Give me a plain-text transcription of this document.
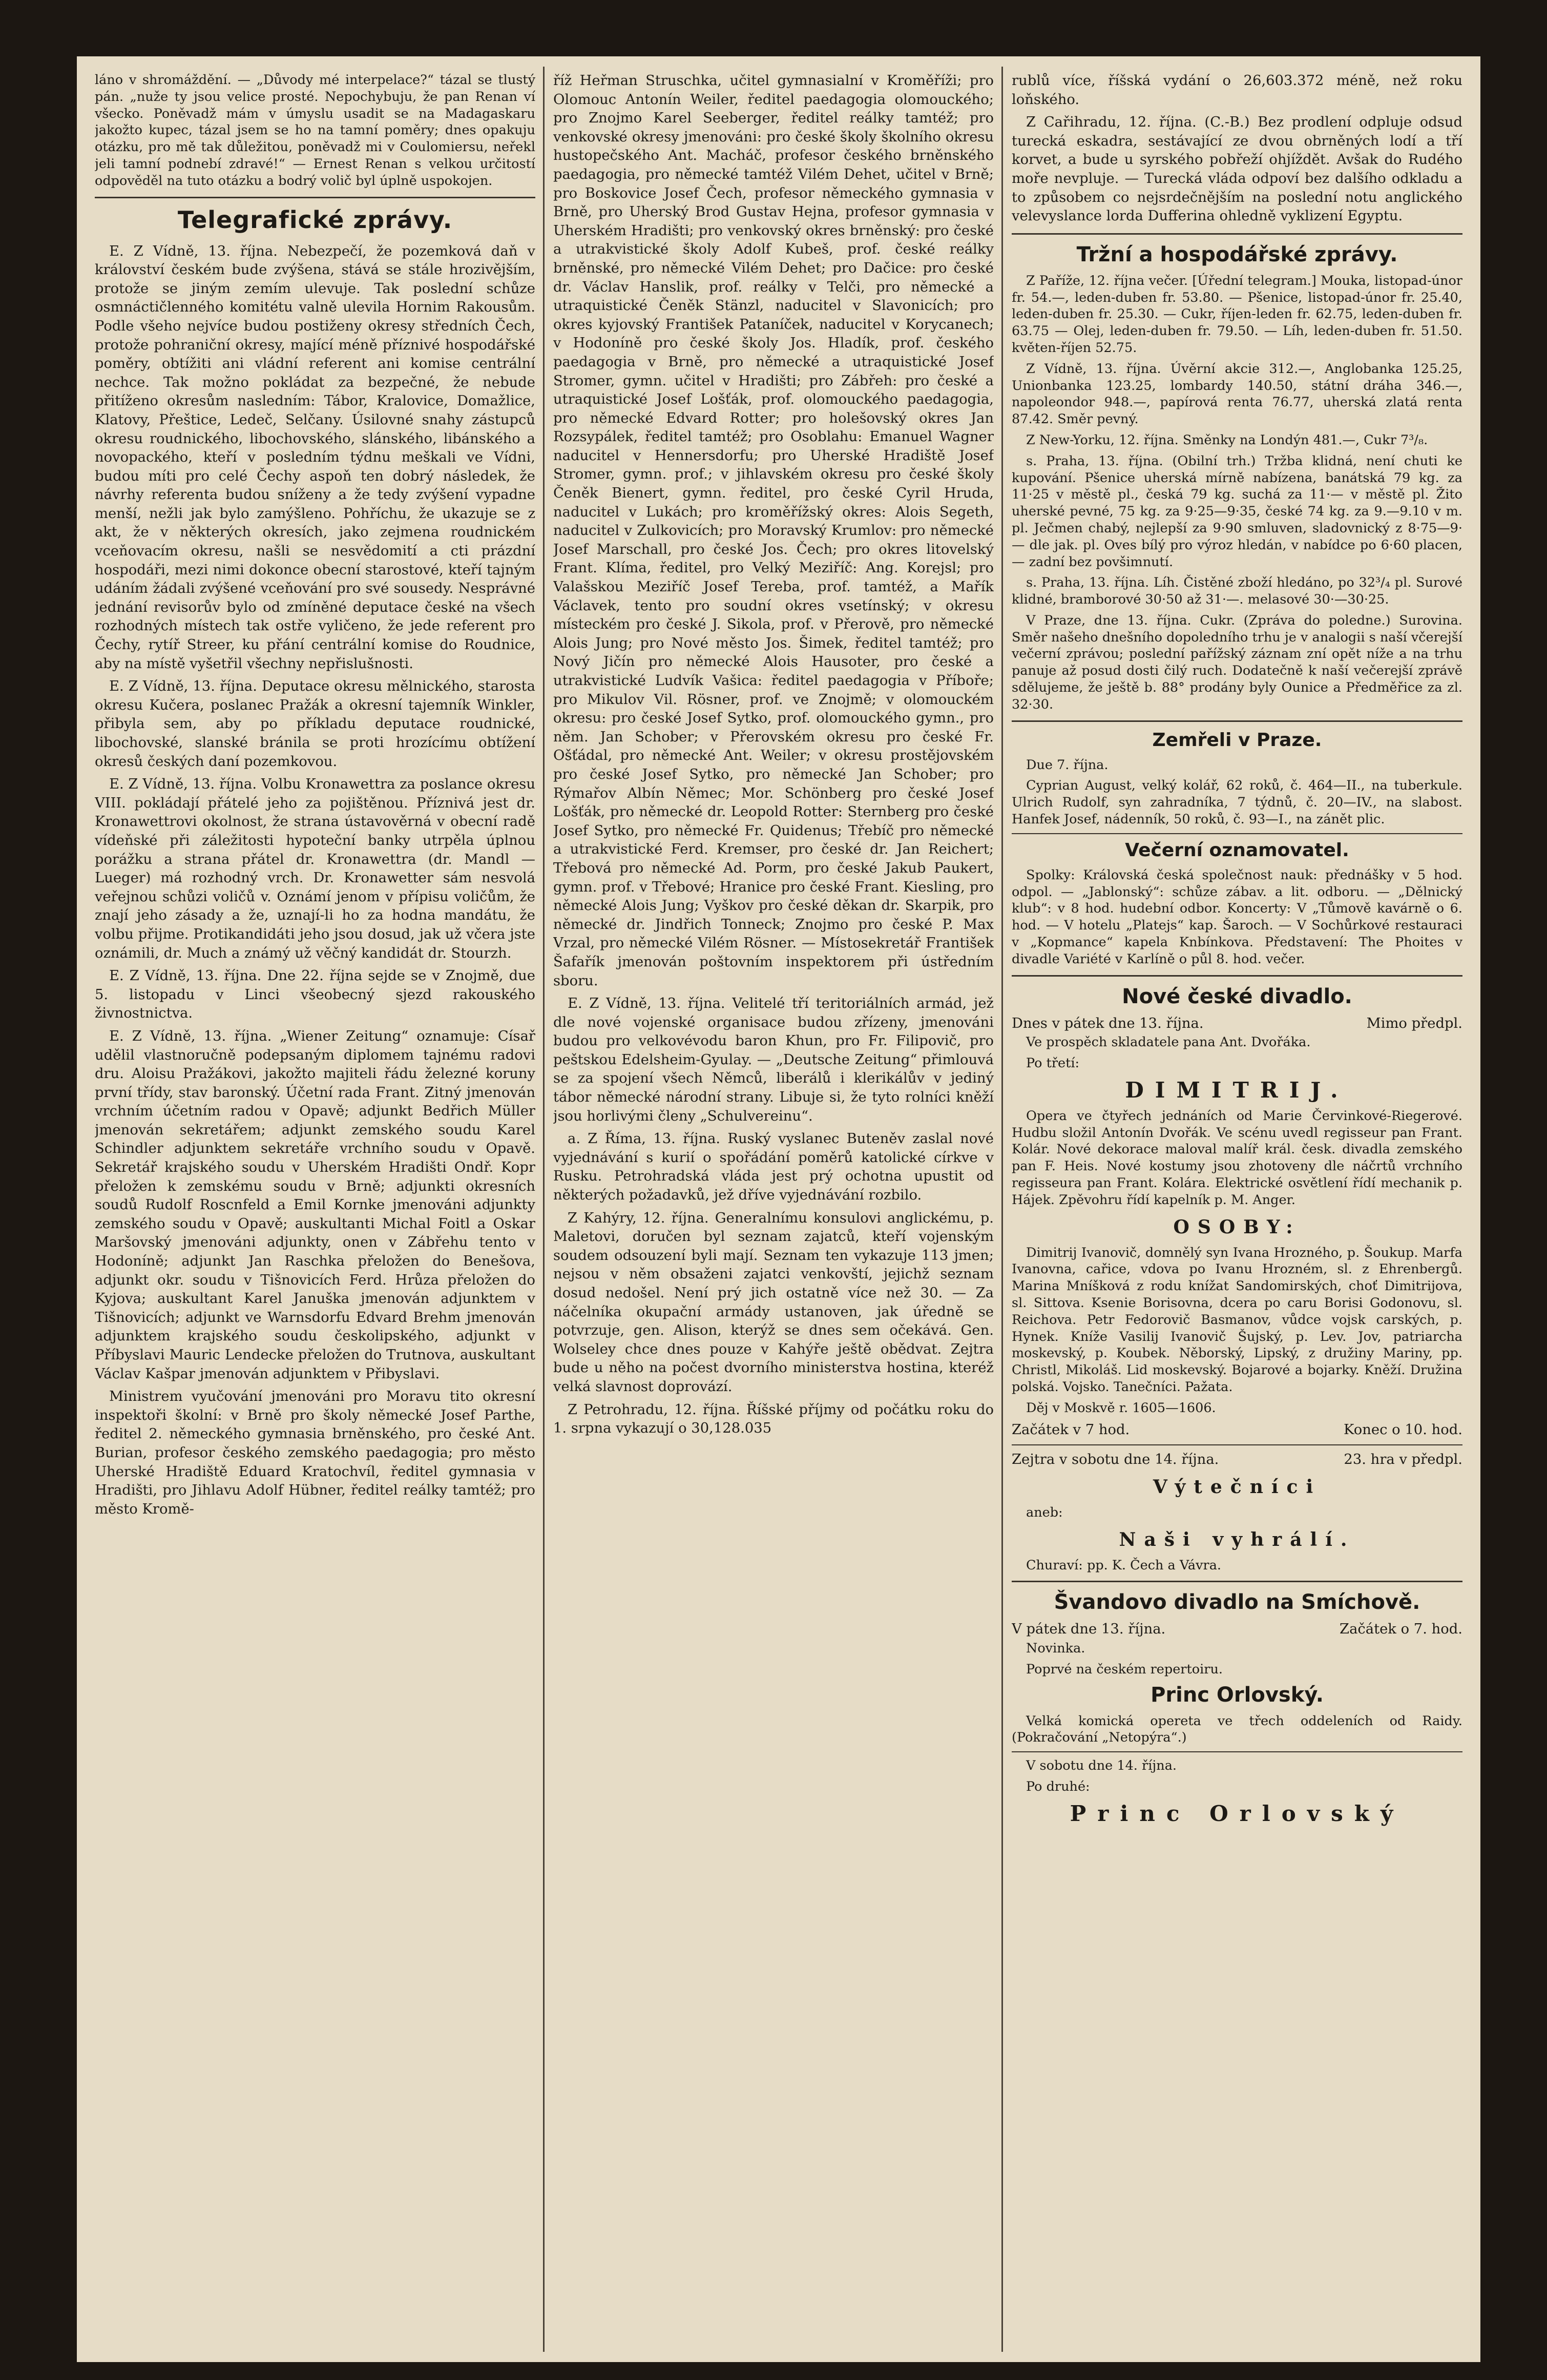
láno v shromáždění. — „Důvody mé interpelace?“ tázal se tlustý pán. „nuže ty jsou velice prosté. Nepochybuju, že pan Renan ví všecko. Poněvadž mám v úmyslu usadit se na Madagaskaru jakožto kupec, tázal jsem se ho na tamní poměry; dnes opakuju otázku, pro mě tak důležitou, poněvadž mi v Coulomiersu, neřekl jeli tamní podnebí zdravé!“ — Ernest Renan s velkou určitostí odpověděl na tuto otázku a bodrý volič byl úplně uspokojen.

Telegrafické zprávy.

E. Z Vídně, 13. října. Nebezpečí, že pozemková daň v království českém bude zvýšena, stává se stále hrozivějším, protože se jiným zemím ulevuje. Tak poslední schůze osmnáctičlenného komitétu valně ulevila Hornim Rakousům. Podle všeho nejvíce budou postiženy okresy středních Čech, protože pohraniční okresy, mající méně příznivé hospodářské poměry, obtížiti ani vládní referent ani komise centrální nechce. Tak možno pokládat za bezpečné, že nebude přitíženo okresům nasledním: Tábor, Kralovice, Domažlice, Klatovy, Přeštice, Ledeč, Selčany. Úsilovné snahy zástupců okresu roudnického, libochovského, slánského, libánského a novopackého, kteří v posledním týdnu meškali ve Vídni, budou míti pro celé Čechy aspoň ten dobrý následek, že návrhy referenta budou sníženy a že tedy zvýšení vypadne menší, nežli jak bylo zamýšleno. Pohříchu, že ukazuje se z akt, že v některých okresích, jako zejmena roudnickém vceňovacím okresu, našli se nesvědomití a cti prázdní hospodáři, mezi nimi dokonce obecní starostové, kteří tajným udáním žádali zvýšené vceňování pro své sousedy. Nesprávné jednání revisorův bylo od zmíněné deputace české na všech rozhodných místech tak ostře vyličeno, že jede referent pro Čechy, rytíř Streer, ku přání centrální komise do Roudnice, aby na místě vyšetřil všechny nepřislušnosti.

E. Z Vídně, 13. října. Deputace okresu mělnického, starosta okresu Kučera, poslanec Pražák a okresní tajemník Winkler, přibyla sem, aby po příkladu deputace roudnické, libochovské, slanské bránila se proti hrozícímu obtížení okresů českých daní pozemkovou.

E. Z Vídně, 13. října. Volbu Kronawettra za poslance okresu VIII. pokládají přátelé jeho za pojištěnou. Příznivá jest dr. Kronawettrovi okolnost, že strana ústavověrná v obecní radě vídeňské při záležitosti hypoteční banky utrpěla úplnou porážku a strana přátel dr. Kronawettra (dr. Mandl — Lueger) má rozhodný vrch. Dr. Kronawetter sám nesvolá veřejnou schůzi voličů v. Oznámí jenom v přípisu voličům, že znají jeho zásady a že, uznají-li ho za hodna mandátu, že volbu přijme. Protikandidáti jeho jsou dosud, jak už včera jste oznámili, dr. Much a známý už věčný kandidát dr. Stourzh.

E. Z Vídně, 13. října. Dne 22. října sejde se v Znojmě, due 5. listopadu v Linci všeobecný sjezd rakouského živnostnictva.

E. Z Vídně, 13. října. „Wiener Zeitung“ oznamuje: Císař udělil vlastnoručně podepsaným diplomem tajnému radovi dru. Aloisu Pražákovi, jakožto majiteli řádu železné koruny první třídy, stav baronský. Účetní rada Frant. Zitný jmenován vrchním účetním radou v Opavě; adjunkt Bedřich Müller jmenován sekretářem; adjunkt zemského soudu Karel Schindler adjunktem sekretáře vrchního soudu v Opavě. Sekretář krajského soudu v Uherském Hradišti Ondř. Kopr přeložen k zemskému soudu v Brně; adjunkti okresních soudů Rudolf Roscnfeld a Emil Kornke jmenováni adjunkty zemského soudu v Opavě; auskultanti Michal Foitl a Oskar Maršovský jmenováni adjunkty, onen v Zábřehu tento v Hodoníně; adjunkt Jan Raschka přeložen do Benešova, adjunkt okr. soudu v Tišnovicích Ferd. Hrůza přeložen do Kyjova; auskultant Karel Januška jmenován adjunktem v Tišnovicích; adjunkt ve Warnsdorfu Edvard Brehm jmenován adjunktem krajského soudu českolipského, adjunkt v Příbyslavi Mauric Lendecke přeložen do Trutnova, auskultant Václav Kašpar jmenován adjunktem v Přibyslavi.

Ministrem vyučování jmenováni pro Moravu tito okresní inspektoři školní: v Brně pro školy německé Josef Parthe, ředitel 2. německého gymnasia brněnského, pro české Ant. Burian, profesor českého zemského paedagogia; pro město Uherské Hradiště Eduard Kratochvíl, ředitel gymnasia v Hradišti, pro Jihlavu Adolf Hübner, ředitel reálky tamtéž; pro město Kromě-

říž Heřman Struschka, učitel gymnasialní v Kroměříži; pro Olomouc Antonín Weiler, ředitel paedagogia olomouckého; pro Znojmo Karel Seeberger, ředitel reálky tamtéž; pro venkovské okresy jmenováni: pro české školy školního okresu hustopečského Ant. Macháč, profesor českého brněnského paedagogia, pro německé tamtéž Vilém Dehet, učitel v Brně; pro Boskovice Josef Čech, profesor německého gymnasia v Brně, pro Uherský Brod Gustav Hejna, profesor gymnasia v Uherském Hradišti; pro venkovský okres brněnský: pro české a utrakvistické školy Adolf Kubeš, prof. české reálky brněnské, pro německé Vilém Dehet; pro Dačice: pro české dr. Václav Hanslik, prof. reálky v Telči, pro německé a utraquistické Čeněk Stänzl, naducitel v Slavonicích; pro okres kyjovský František Pataníček, naducitel v Korycanech; v Hodoníně pro české školy Jos. Hladík, prof. českého paedagogia v Brně, pro německé a utraquistické Josef Stromer, gymn. učitel v Hradišti; pro Zábřeh: pro české a utraquistické Josef Lošťák, prof. olomouckého paedagogia, pro německé Edvard Rotter; pro holešovský okres Jan Rozsypálek, ředitel tamtéž; pro Osoblahu: Emanuel Wagner naducitel v Hennersdorfu; pro Uherské Hradiště Josef Stromer, gymn. prof.; v jihlavském okresu pro české školy Čeněk Bienert, gymn. ředitel, pro české Cyril Hruda, naducitel v Lukách; pro kroměřížský okres: Alois Segeth, naducitel v Zulkovicích; pro Moravský Krumlov: pro německé Josef Marschall, pro české Jos. Čech; pro okres litovelský Frant. Klíma, ředitel, pro Velký Meziříč: Ang. Korejsl; pro Valašskou Meziříč Josef Tereba, prof. tamtéž, a Mařík Václavek, tento pro soudní okres vsetínský; v okresu místeckém pro české J. Sikola, prof. v Přerově, pro německé Alois Jung; pro Nové město Jos. Šimek, ředitel tamtéž; pro Nový Jičín pro německé Alois Hausoter, pro české a utrakvistické Ludvík Vašica: ředitel paedagogia v Příboře; pro Mikulov Vil. Rösner, prof. ve Znojmě; v olomouckém okresu: pro české Josef Sytko, prof. olomouckého gymn., pro něm. Jan Schober; v Přerovském okresu pro české Fr. Ošťádal, pro německé Ant. Weiler; v okresu prostějovském pro české Josef Sytko, pro německé Jan Schober; pro Rýmařov Albín Němec; Mor. Schönberg pro české Josef Lošťák, pro německé dr. Leopold Rotter: Sternberg pro české Josef Sytko, pro německé Fr. Quidenus; Třebíč pro německé a utrakvistické Ferd. Kremser, pro české dr. Jan Reichert; Třebová pro německé Ad. Porm, pro české Jakub Paukert, gymn. prof. v Třebové; Hranice pro české Frant. Kiesling, pro německé Alois Jung; Vyškov pro české děkan dr. Skarpik, pro německé dr. Jindřich Tonneck; Znojmo pro české P. Max Vrzal, pro německé Vilém Rösner. — Místosekretář František Šafařík jmenován poštovním inspektorem při ústředním sboru.

E. Z Vídně, 13. října. Velitelé tří teritoriálních armád, jež dle nové vojenské organisace budou zřízeny, jmenováni budou pro velkovévodu baron Khun, pro Fr. Filipovič, pro peštskou Edelsheim-Gyulay. — „Deutsche Zeitung“ přimlouvá se za spojení všech Němců, liberálů i klerikálův v jediný tábor německé národní strany. Libuje si, že tyto rolníci kněží jsou horlivými členy „Schulvereinu“.

a. Z Říma, 13. října. Ruský vyslanec Buteněv zaslal nové vyjednávání s kurií o spořádání poměrů katolické církve v Rusku. Petrohradská vláda jest prý ochotna upustit od některých požadavků, jež dříve vyjednávání rozbilo.

Z Kahýry, 12. října. Generalnímu konsulovi anglickému, p. Maletovi, doručen byl seznam zajatců, kteří vojenským soudem odsouzení byli mají. Seznam ten vykazuje 113 jmen; nejsou v něm obsaženi zajatci venkovští, jejichž seznam dosud nedošel. Není prý jich ostatně více než 30. — Za náčelníka okupační armády ustanoven, jak úředně se potvrzuje, gen. Alison, kterýž se dnes sem očekává. Gen. Wolseley chce dnes pouze v Kahýře ještě obědvat. Zejtra bude u něho na počest dvorního ministerstva hostina, kteréž velká slavnost doprovází.

Z Petrohradu, 12. října. Říšské příjmy od počátku roku do 1. srpna vykazují o 30,128.035

rublů více, říšská vydání o 26,603.372 méně, než roku loňského.

Z Cařihradu, 12. října. (C.-B.) Bez prodlení odpluje odsud turecká eskadra, sestávající ze dvou obrněných lodí a tří korvet, a bude u syrského pobřeží ohjíždět. Avšak do Rudého moře nevpluje. — Turecká vláda odpoví bez dalšího odkladu a to způsobem co nejsrdečnějším na poslední notu anglického velevyslance lorda Dufferina ohledně vyklizení Egyptu.

Tržní a hospodářské zprávy.

Z Paříže, 12. října večer. [Úřední telegram.] Mouka, listopad-únor fr. 54.—, leden-duben fr. 53.80. — Pšenice, listopad-únor fr. 25.40, leden-duben fr. 25.30. — Cukr, říjen-leden fr. 62.75, leden-duben fr. 63.75 — Olej, leden-duben fr. 79.50. — Líh, leden-duben fr. 51.50. květen-říjen 52.75.

Z Vídně, 13. října. Úvěrní akcie 312.—, Anglobanka 125.25, Unionbanka 123.25, lombardy 140.50, státní dráha 346.—, napoleondor 948.—, papírová renta 76.77, uherská zlatá renta 87.42. Směr pevný.

Z New-Yorku, 12. října. Směnky na Londýn 481.—, Cukr 7³/₈.

s. Praha, 13. října. (Obilní trh.) Tržba klidná, není chuti ke kupování. Pšenice uherská mírně nabízena, banátská 79 kg. za 11·25 v městě pl., česká 79 kg. suchá za 11·— v městě pl. Žito uherské pevné, 75 kg. za 9·25—9·35, české 74 kg. za 9.—9.10 v m. pl. Ječmen chabý, nejlepší za 9·90 smluven, sladovnický z 8·75—9·— dle jak. pl. Oves bílý pro výroz hledán, v nabídce po 6·60 placen, — zadní bez povšimnutí.

s. Praha, 13. října. Líh. Čistěné zboží hledáno, po 32³/₄ pl. Surové klidné, bramborové 30·50 až 31·—. melasové 30·—30·25.

V Praze, dne 13. října. Cukr. (Zpráva do poledne.) Surovina. Směr našeho dnešního dopoledního trhu je v analogii s naší včerejší večerní zprávou; poslední pařížský záznam zní opět níže a na trhu panuje až posud dosti čilý ruch. Dodatečně k naší večerejší zprávě sdělujeme, že ještě b. 88° prodány byly Ounice a Předměřice za zl. 32·30.

Zemřeli v Praze.

Due 7. října.

Cyprian August, velký kolář, 62 roků, č. 464—II., na tuberkule. Ulrich Rudolf, syn zahradníka, 7 týdnů, č. 20—IV., na slabost. Hanfek Josef, nádenník, 50 roků, č. 93—I., na zánět plic.

Večerní oznamovatel.

Spolky: Královská česká společnost nauk: přednášky v 5 hod. odpol. — „Jablonský“: schůze zábav. a lit. odboru. — „Dělnický klub“: v 8 hod. hudební odbor. Koncerty: V „Tůmově kavárně o 6. hod. — V hotelu „Platejs“ kap. Šaroch. — V Sochůrkové restauraci v „Kopmance“ kapela Knbínkova. Představení: The Phoites v divadle Variété v Karlíně o půl 8. hod. večer.

Nové české divadlo.
Dnes v pátek dne 13. října.	Mimo předpl.

Ve prospěch skladatele pana Ant. Dvořáka.

Po třetí:

DIMITRIJ.

Opera ve čtyřech jednáních od Marie Červinkové-Riegerové. Hudbu složil Antonín Dvořák. Ve scénu uvedl regisseur pan Frant. Kolár. Nové dekorace maloval malíř král. česk. divadla zemského pan F. Heis. Nové kostumy jsou zhotoveny dle náčrtů vrchního regisseura pan Frant. Kolára. Elektrické osvětlení řídí mechanik p. Hájek. Zpěvohru řídí kapelník p. M. Anger.

OSOBY:

Dimitrij Ivanovič, domnělý syn Ivana Hrozného, p. Šoukup. Marfa Ivanovna, cařice, vdova po Ivanu Hrozném, sl. z Ehrenbergů. Marina Mníšková z rodu knížat Sandomirských, choť Dimitrijova, sl. Sittova. Ksenie Borisovna, dcera po caru Borisi Godonovu, sl. Reichova. Petr Fedorovič Basmanov, vůdce vojsk carských, p. Hynek. Kníže Vasilij Ivanovič Šujský, p. Lev. Jov, patriarcha moskevský, p. Koubek. Něborský, Lipský, z družiny Mariny, pp. Christl, Mikoláš. Lid moskevský. Bojarové a bojarky. Kněží. Družina polská. Vojsko. Tanečníci. Pažata.

Děj v Moskvě r. 1605—1606.

Začátek v 7 hod.	Konec o 10. hod.
Zejtra v sobotu dne 14. října.	23. hra v předpl.
Výtečníci

aneb:

Naši vyhrálí.

Churaví: pp. K. Čech a Vávra.

Švandovo divadlo na Smíchově.
V pátek dne 13. října.	Začátek o 7. hod.

Novinka.

Poprvé na českém repertoiru.

Princ Orlovský.

Velká komická opereta ve třech oddeleních od Raidy. (Pokračování „Netopýra“.)

V sobotu dne 14. října.

Po druhé:

Princ Orlovský
